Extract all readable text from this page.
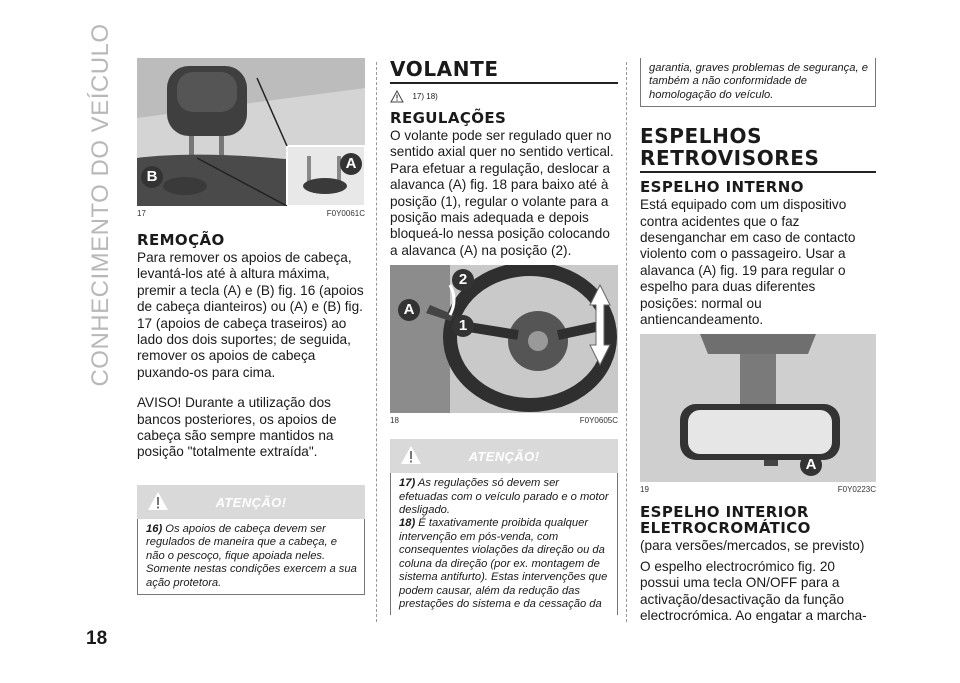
CONHECIMENTO DO VEÍCULO
18
B
A
17	F0Y0061C
REMOÇÃO

Para remover os apoios de cabeça, levantá-los até à altura máxima, premir a tecla (A) e (B) fig. 16 (apoios de cabeça dianteiros) ou (A) e (B) fig. 17 (apoios de cabeça traseiros) ao lado dos dois suportes; de seguida, remover os apoios de cabeça puxando-os para cima.

AVISO! Durante a utilização dos bancos posteriores, os apoios de cabeça são sempre mantidos na posição "totalmente extraída".

ATENÇÃO!
16) Os apoios de cabeça devem ser regulados de maneira que a cabeça, e não o pescoço, fique apoiada neles. Somente nestas condições exercem a sua ação protetora.
VOLANTE
17) 18)
REGULAÇÕES

O volante pode ser regulado quer no sentido axial quer no sentido vertical. Para efetuar a regulação, deslocar a alavanca (A) fig. 18 para baixo até à posição (1), regular o volante para a posição mais adequada e depois bloqueá-lo nessa posição colocando a alavanca (A) na posição (2).

A
2
1
18	F0Y0605C
ATENÇÃO!
17) As regulações só devem ser efetuadas com o veículo parado e o motor desligado.
18) É taxativamente proibida qualquer intervenção em pós-venda, com consequentes violações da direção ou da coluna da direção (por ex. montagem de sistema antifurto). Estas intervenções que podem causar, além da redução das prestações do sistema e da cessação da
garantia, graves problemas de segurança, e também a não conformidade de homologação do veículo.
ESPELHOS RETROVISORES
ESPELHO INTERNO

Está equipado com um dispositivo contra acidentes que o faz desenganchar em caso de contacto violento com o passageiro. Usar a alavanca (A) fig. 19 para regular o espelho para duas diferentes posições: normal ou antiencandeamento.

A
19	F0Y0223C
ESPELHO INTERIOR ELETROCROMÁTICO

(para versões/mercados, se previsto)

O espelho electrocrómico fig. 20 possui uma tecla ON/OFF para a activação/desactivação da função electrocrómica. Ao engatar a marcha-
